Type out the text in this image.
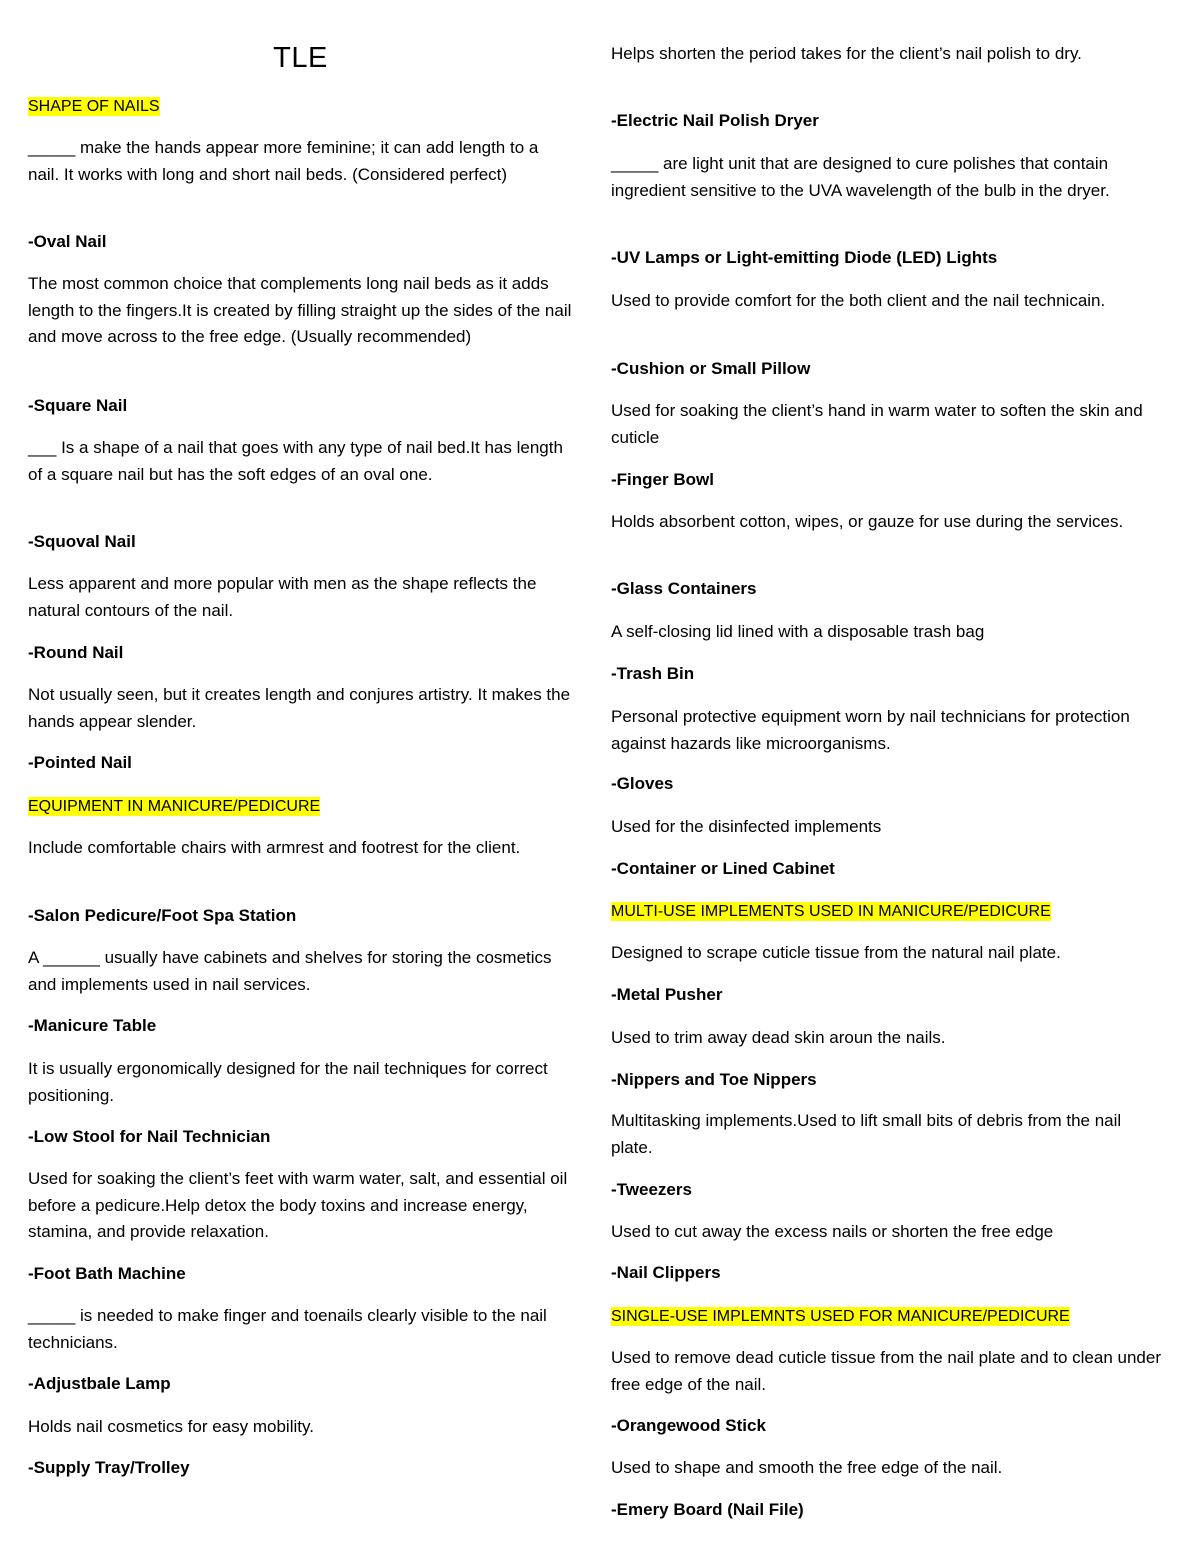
TLE
SHAPE OF NAILS
_____ make the hands appear more feminine; it can add length to a nail. It works with long and short nail beds. (Considered perfect)
-Oval Nail
The most common choice that complements long nail beds as it adds length to the fingers.It is created by filling straight up the sides of the nail and move across to the free edge. (Usually recommended)
-Square Nail
___ Is a shape of a nail that goes with any type of nail bed.It has length of a square nail but has the soft edges of an oval one.
-Squoval Nail
Less apparent and more popular with men as the shape reflects the natural contours of the nail.
-Round Nail
Not usually seen, but it creates length and conjures artistry. It makes the hands appear slender.
-Pointed Nail
EQUIPMENT IN MANICURE/PEDICURE
Include comfortable chairs with armrest and footrest for the client.
-Salon Pedicure/Foot Spa Station
A ______ usually have cabinets and shelves for storing the cosmetics and implements used in nail services.
-Manicure Table
It is usually ergonomically designed for the nail techniques for correct positioning.
-Low Stool for Nail Technician
Used for soaking the client’s feet with warm water, salt, and essential oil before a pedicure.Help detox the body toxins and increase energy, stamina, and provide relaxation.
-Foot Bath Machine
_____ is needed to make finger and toenails clearly visible to the nail technicians.
-Adjustbale Lamp
Holds nail cosmetics for easy mobility.
-Supply Tray/Trolley
Helps shorten the period takes for the client’s nail polish to dry.
-Electric Nail Polish Dryer
_____ are light unit that are designed to cure polishes that contain ingredient sensitive to the UVA wavelength of the bulb in the dryer.
-UV Lamps or Light-emitting Diode (LED) Lights
Used to provide comfort for the both client and the nail technicain.
-Cushion or Small Pillow
Used for soaking the client’s hand in warm water to soften the skin and cuticle
-Finger Bowl
Holds absorbent cotton, wipes, or gauze for use during the services.
-Glass Containers
A self-closing lid lined with a disposable trash bag
-Trash Bin
Personal protective equipment worn by nail technicians for protection against hazards like microorganisms.
-Gloves
Used for the disinfected implements
-Container or Lined Cabinet
MULTI-USE IMPLEMENTS USED IN MANICURE/PEDICURE
Designed to scrape cuticle tissue from the natural nail plate.
-Metal Pusher
Used to trim away dead skin aroun the nails.
-Nippers and Toe Nippers
Multitasking implements.Used to lift small bits of debris from the nail plate.
-Tweezers
Used to cut away the excess nails or shorten the free edge
-Nail Clippers
SINGLE-USE IMPLEMNTS USED FOR MANICURE/PEDICURE
Used to remove dead cuticle tissue from the nail plate and to clean under free edge of the nail.
-Orangewood Stick
Used to shape and smooth the free edge of the nail.
-Emery Board (Nail File)
